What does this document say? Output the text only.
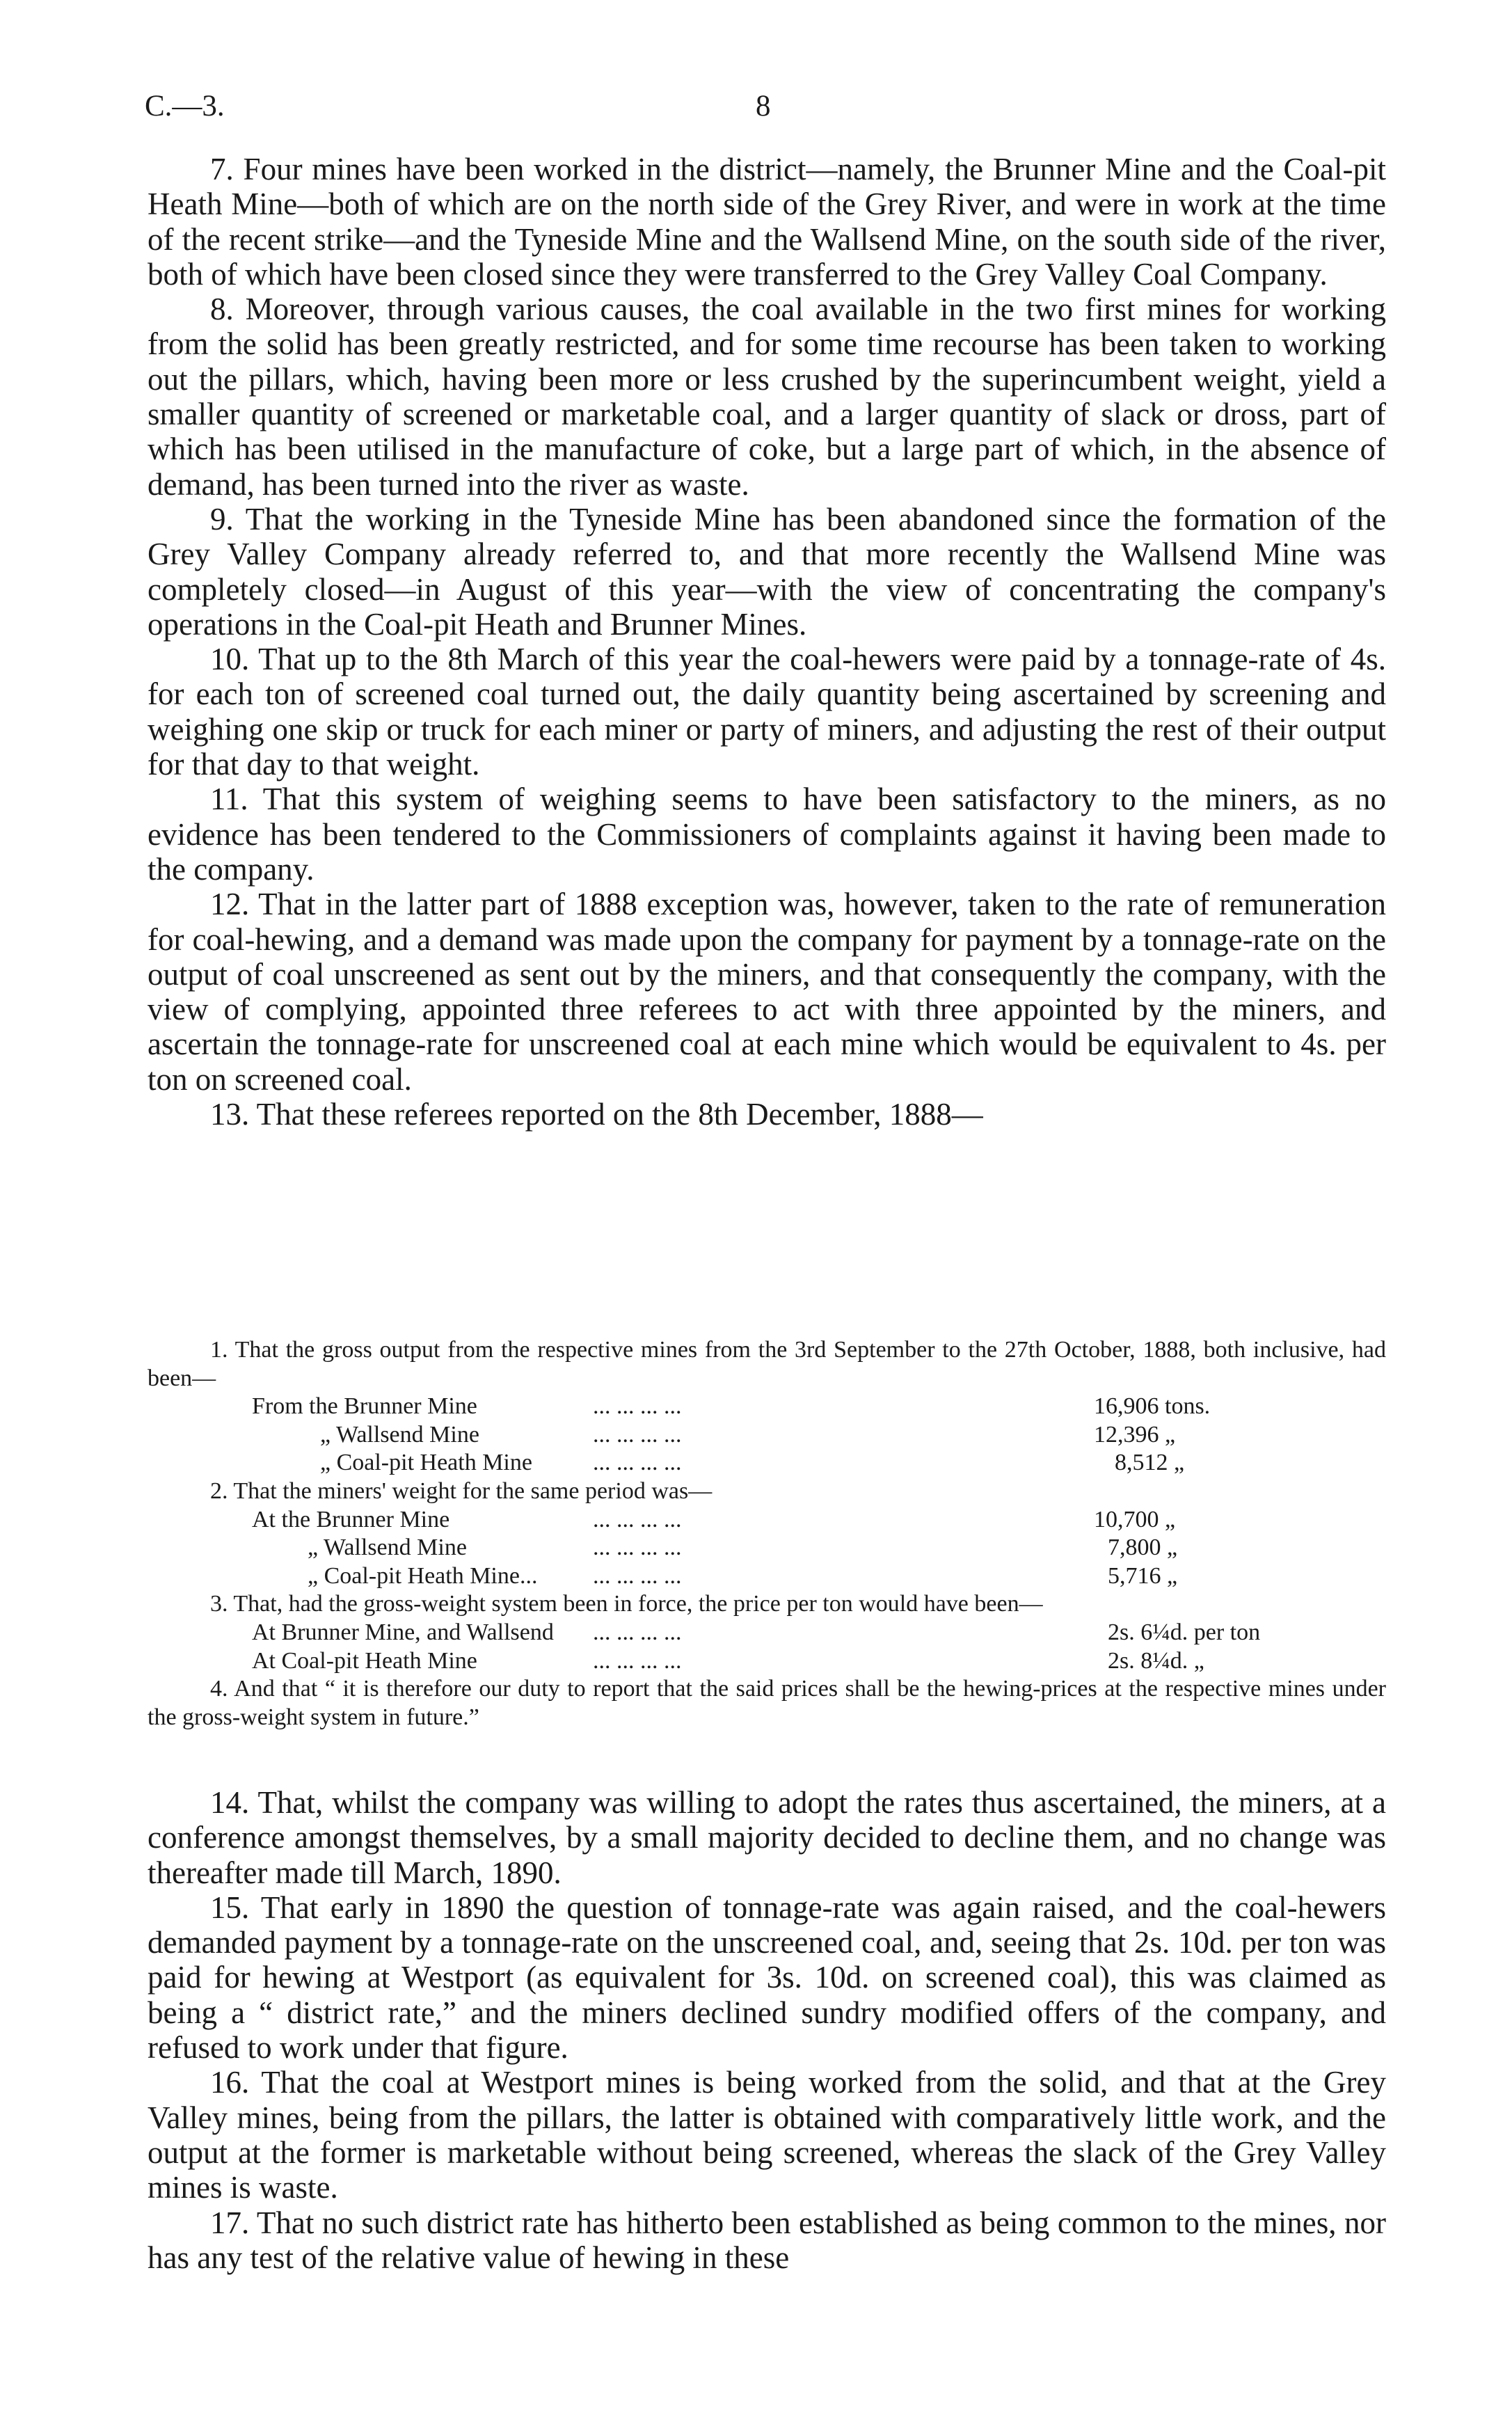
C.—3.	8

7. Four mines have been worked in the district—namely, the Brunner Mine and the Coal-pit Heath Mine—both of which are on the north side of the Grey River, and were in work at the time of the recent strike—and the Tyneside Mine and the Wallsend Mine, on the south side of the river, both of which have been closed since they were transferred to the Grey Valley Coal Company.

8. Moreover, through various causes, the coal available in the two first mines for working from the solid has been greatly restricted, and for some time recourse has been taken to working out the pillars, which, having been more or less crushed by the superincumbent weight, yield a smaller quantity of screened or marketable coal, and a larger quantity of slack or dross, part of which has been utilised in the manufacture of coke, but a large part of which, in the absence of demand, has been turned into the river as waste.

9. That the working in the Tyneside Mine has been abandoned since the formation of the Grey Valley Company already referred to, and that more recently the Wallsend Mine was completely closed—in August of this year—with the view of concentrating the company's operations in the Coal-pit Heath and Brunner Mines.

10. That up to the 8th March of this year the coal-hewers were paid by a tonnage-rate of 4s. for each ton of screened coal turned out, the daily quantity being ascertained by screening and weighing one skip or truck for each miner or party of miners, and adjusting the rest of their output for that day to that weight.

11. That this system of weighing seems to have been satisfactory to the miners, as no evidence has been tendered to the Commissioners of complaints against it having been made to the company.

12. That in the latter part of 1888 exception was, however, taken to the rate of remuneration for coal-hewing, and a demand was made upon the company for payment by a tonnage-rate on the output of coal unscreened as sent out by the miners, and that consequently the company, with the view of complying, appointed three referees to act with three appointed by the miners, and ascertain the tonnage-rate for unscreened coal at each mine which would be equivalent to 4s. per ton on screened coal.

13. That these referees reported on the 8th December, 1888—

1. That the gross output from the respective mines from the 3rd September to the 27th October, 1888, both inclusive, had been—

From the Brunner Mine	... ... ... ...	16,906 tons.
„ Wallsend Mine	... ... ... ...	12,396 „
„ Coal-pit Heath Mine	... ... ... ...	8,512 „
2. That the miners' weight for the same period was—
At the Brunner Mine	... ... ... ...	10,700 „
„ Wallsend Mine	... ... ... ...	7,800 „
„ Coal-pit Heath Mine... ... ... ... ...	5,716 „
3. That, had the gross-weight system been in force, the price per ton would have been—
At Brunner Mine, and Wallsend ... ... ... ...	2s. 6¼d. per ton
At Coal-pit Heath Mine	... ... ... ...	2s. 8¼d. „

4. And that “ it is therefore our duty to report that the said prices shall be the hewing-prices at the respective mines under the gross-weight system in future.”

14. That, whilst the company was willing to adopt the rates thus ascertained, the miners, at a conference amongst themselves, by a small majority decided to decline them, and no change was thereafter made till March, 1890.

15. That early in 1890 the question of tonnage-rate was again raised, and the coal-hewers demanded payment by a tonnage-rate on the unscreened coal, and, seeing that 2s. 10d. per ton was paid for hewing at Westport (as equivalent for 3s. 10d. on screened coal), this was claimed as being a “ district rate,” and the miners declined sundry modified offers of the company, and refused to work under that figure.

16. That the coal at Westport mines is being worked from the solid, and that at the Grey Valley mines, being from the pillars, the latter is obtained with comparatively little work, and the output at the former is marketable without being screened, whereas the slack of the Grey Valley mines is waste.

17. That no such district rate has hitherto been established as being common to the mines, nor has any test of the relative value of hewing in these
